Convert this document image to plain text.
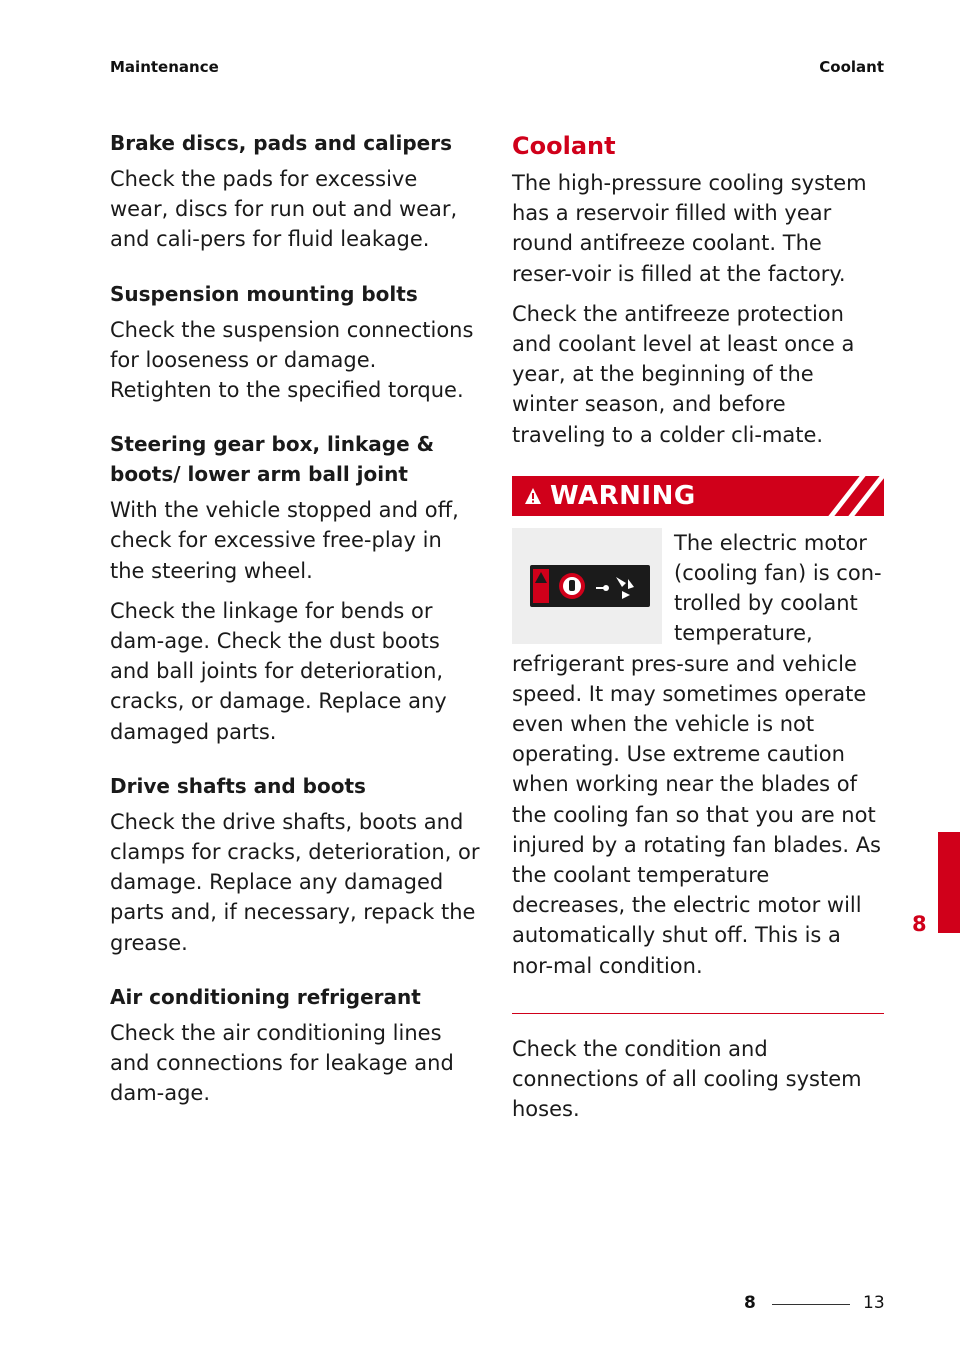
Maintenance	Coolant
Brake discs, pads and calipers

Check the pads for excessive wear, discs for run out and wear, and cali-pers for fluid leakage.

Suspension mounting bolts

Check the suspension connections for looseness or damage. Retighten to the specified torque.

Steering gear box, linkage & boots/ lower arm ball joint

With the vehicle stopped and off, check for excessive free-play in the steering wheel.

Check the linkage for bends or dam-age. Check the dust boots and ball joints for deterioration, cracks, or damage. Replace any damaged parts.

Drive shafts and boots

Check the drive shafts, boots and clamps for cracks, deterioration, or damage. Replace any damaged parts and, if necessary, repack the grease.

Air conditioning refrigerant

Check the air conditioning lines and connections for leakage and dam-age.

Coolant

The high-pressure cooling system has a reservoir filled with year round antifreeze coolant. The reser-voir is filled at the factory.

Check the antifreeze protection and coolant level at least once a year, at the beginning of the winter season, and before traveling to a colder cli-mate.

WARNING

The electric motor (cooling fan) is con-trolled by coolant temperature, refrigerant pres-sure and vehicle speed. It may sometimes operate even when the vehicle is not operating. Use extreme caution when working near the blades of the cooling fan so that you are not injured by a rotating fan blades. As the coolant temperature decreases, the electric motor will automatically shut off. This is a nor-mal condition.

Check the condition and connections of all cooling system hoses.

8
8	13
